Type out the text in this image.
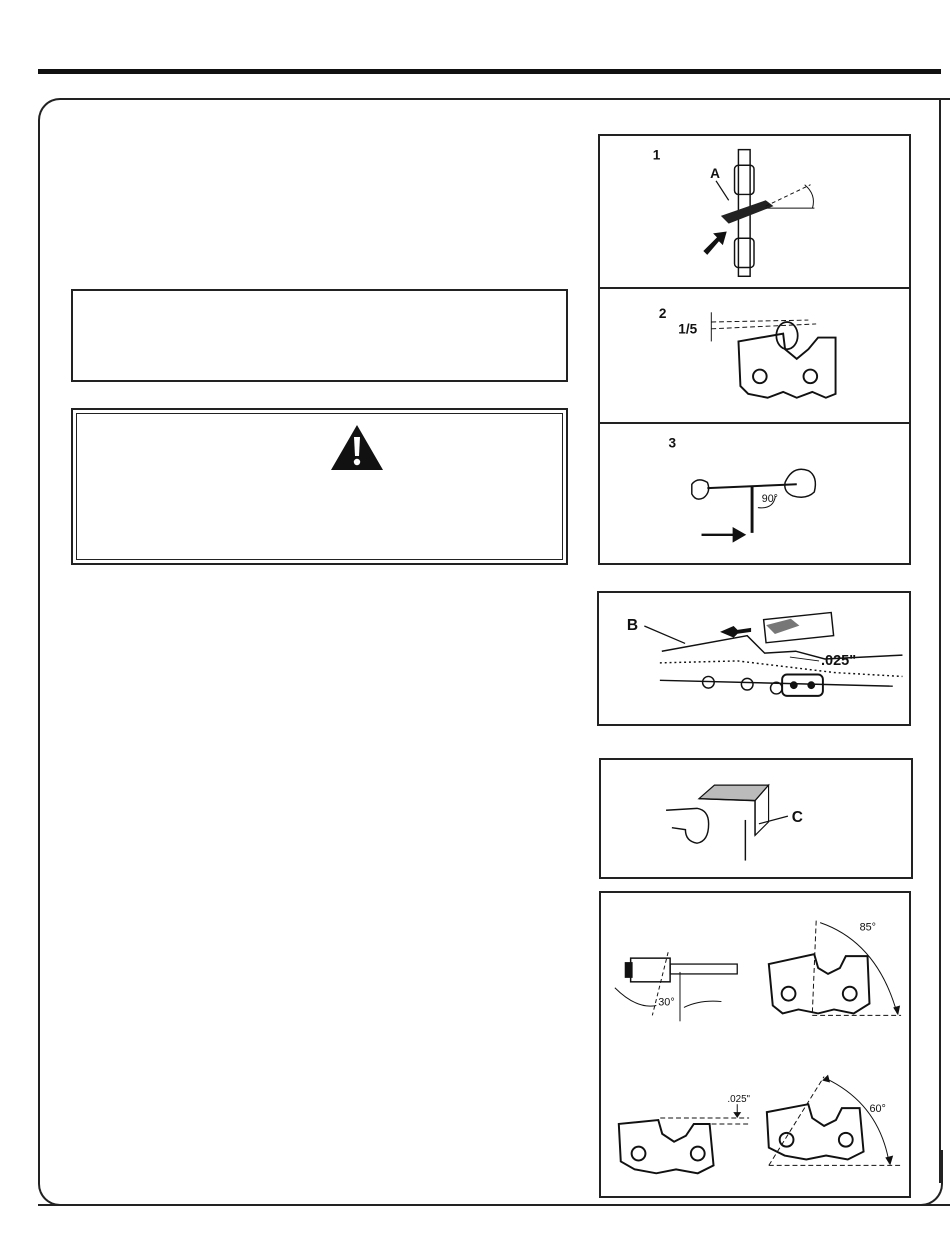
1
A
2
1/5
3
90°
B
.025"
C
30°
85°
.025"
60°
